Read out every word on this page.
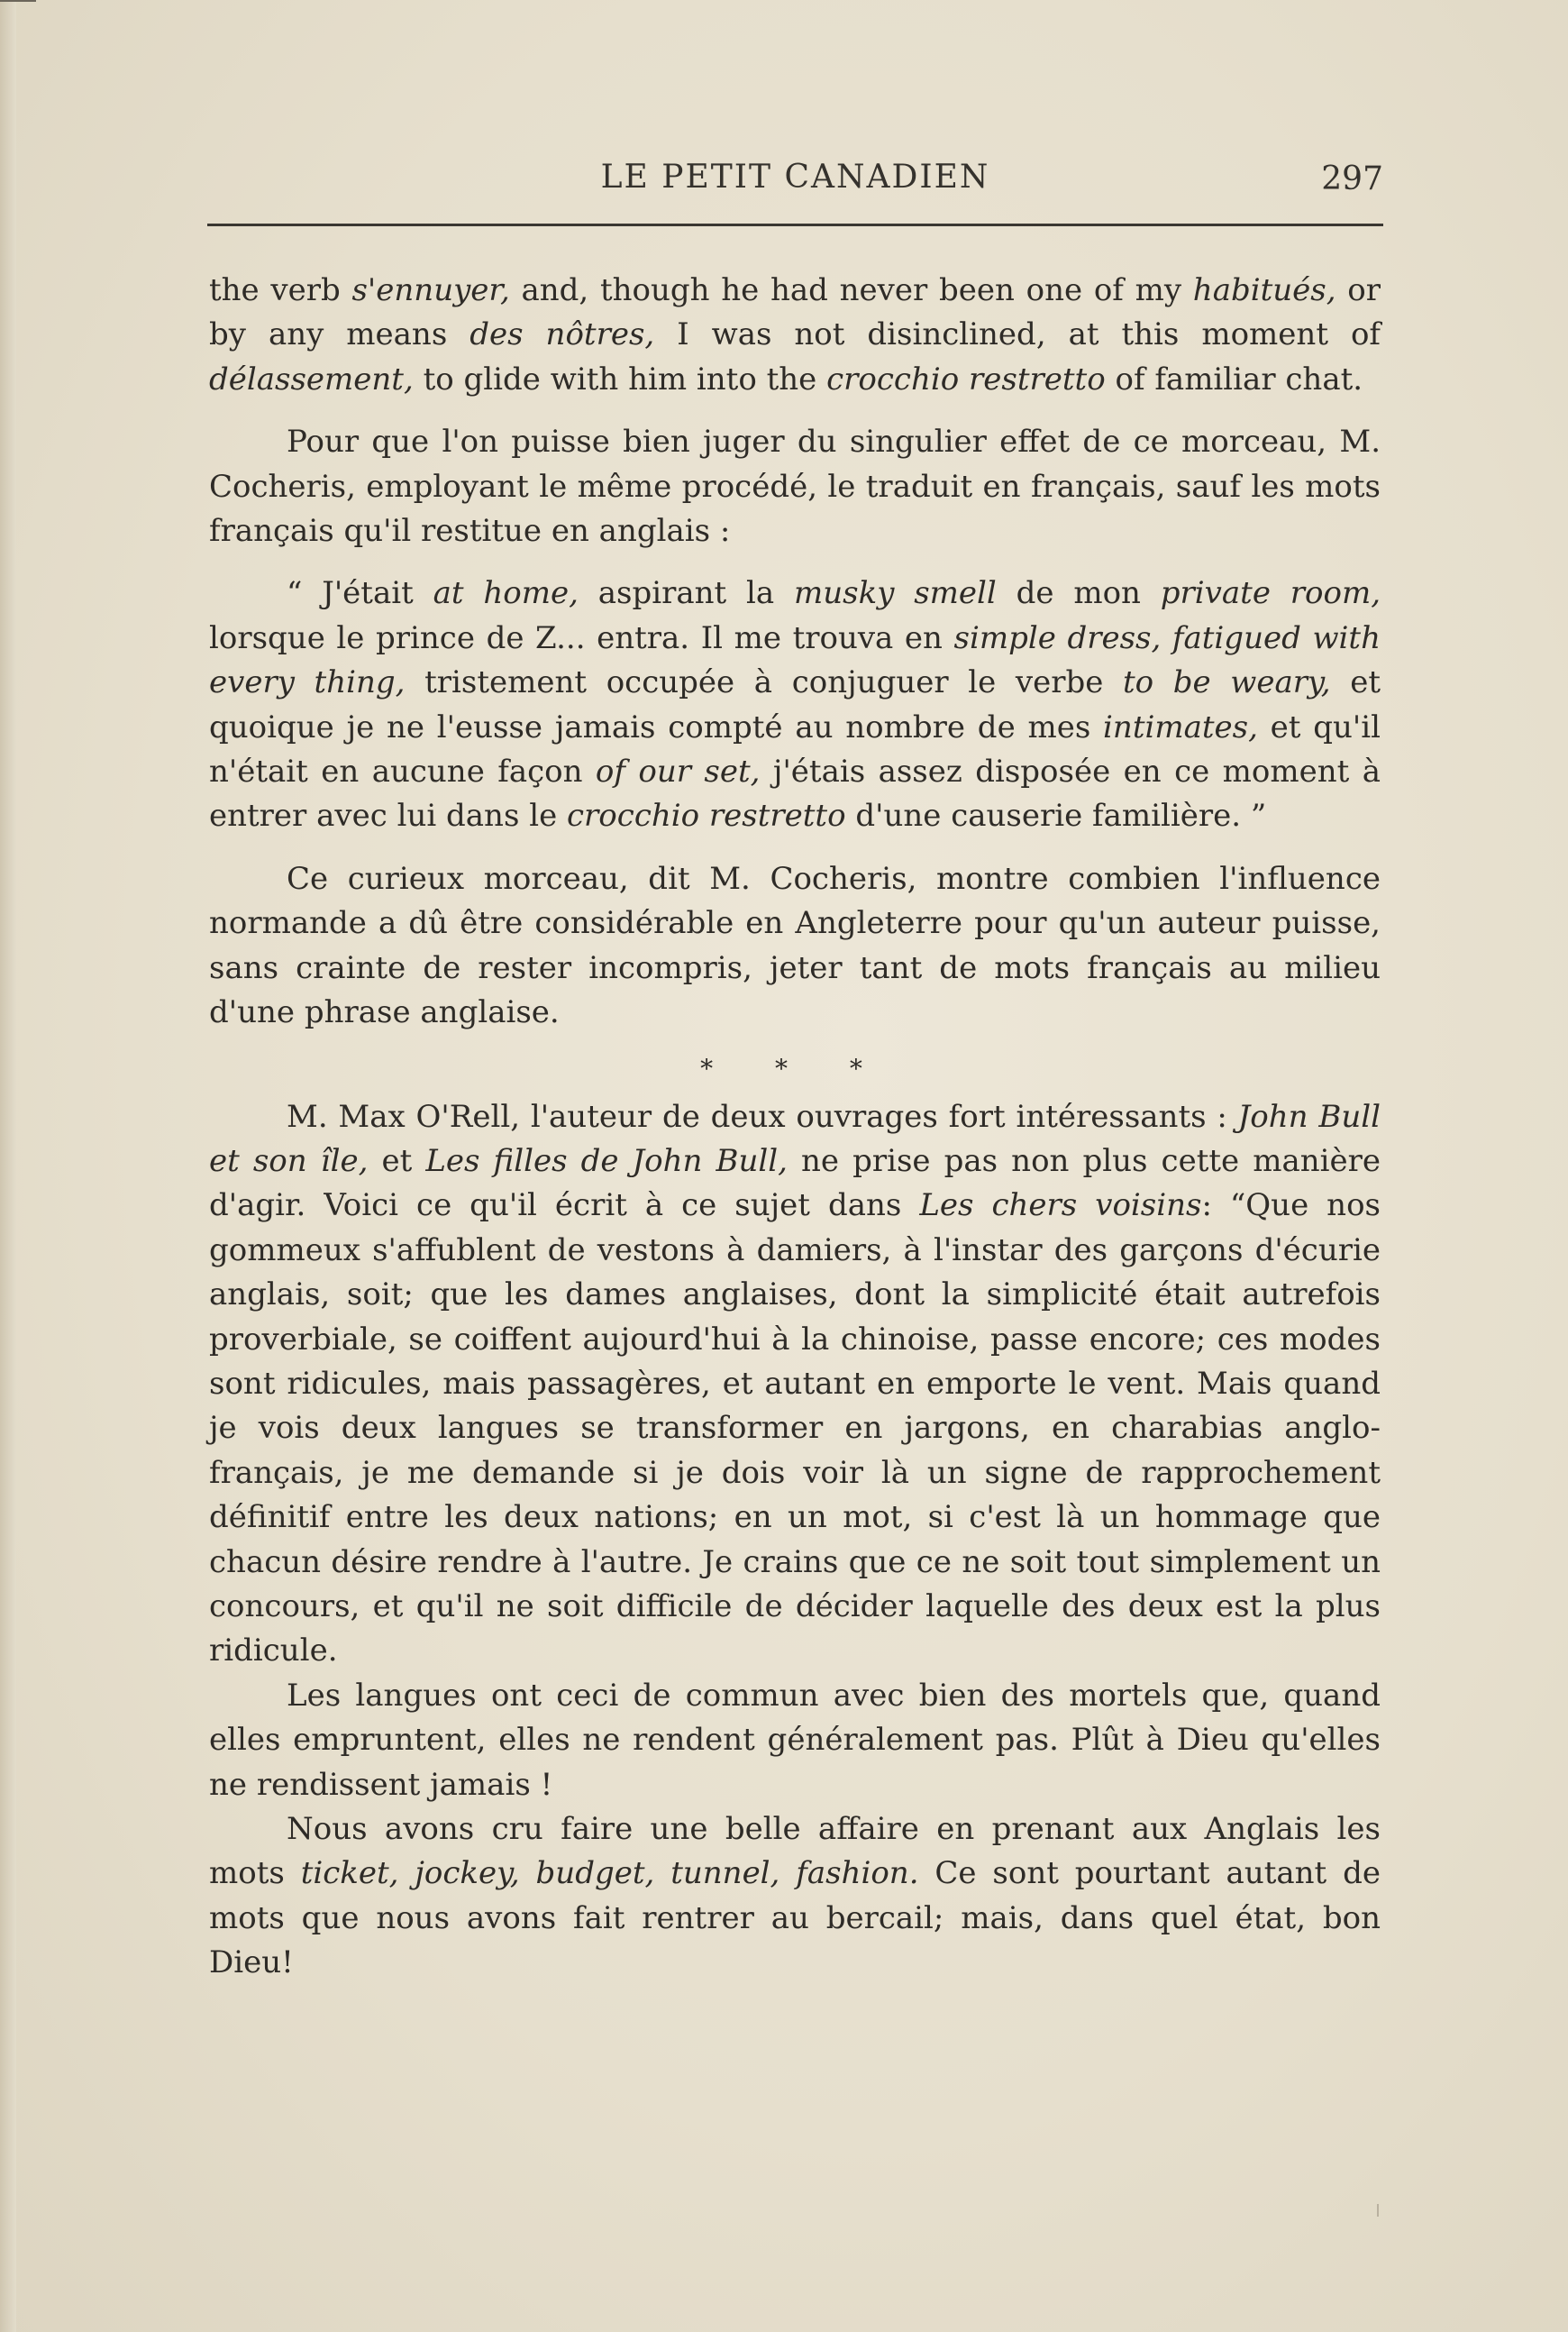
LE PETIT CANADIEN	297

the verb s'ennuyer, and, though he had never been one of my habitués, or by any means des nôtres, I was not disinclined, at this moment of délassement, to glide with him into the crocchio restretto of familiar chat.

Pour que l'on puisse bien juger du singulier effet de ce morceau, M. Cocheris, employant le même procédé, le traduit en français, sauf les mots français qu'il restitue en anglais :

“ J'était at home, aspirant la musky smell de mon private room, lorsque le prince de Z... entra. Il me trouva en simple dress, fatigued with every thing, tristement occupée à conjuguer le verbe to be weary, et quoique je ne l'eusse jamais compté au nombre de mes intimates, et qu'il n'était en aucune façon of our set, j'étais assez disposée en ce moment à entrer avec lui dans le crocchio restretto d'une causerie familière. ”

Ce curieux morceau, dit M. Cocheris, montre combien l'influence normande a dû être considérable en Angleterre pour qu'un auteur puisse, sans crainte de rester incompris, jeter tant de mots français au milieu d'une phrase anglaise.

* * *

M. Max O'Rell, l'auteur de deux ouvrages fort intéressants : John Bull et son île, et Les filles de John Bull, ne prise pas non plus cette manière d'agir. Voici ce qu'il écrit à ce sujet dans Les chers voisins: “Que nos gommeux s'affublent de vestons à damiers, à l'instar des garçons d'écurie anglais, soit; que les dames anglaises, dont la simplicité était autrefois proverbiale, se coiffent aujourd'hui à la chinoise, passe encore; ces modes sont ridicules, mais passagères, et autant en emporte le vent. Mais quand je vois deux langues se transformer en jargons, en charabias anglo-français, je me demande si je dois voir là un signe de rapprochement définitif entre les deux nations; en un mot, si c'est là un hommage que chacun désire rendre à l'autre. Je crains que ce ne soit tout simplement un concours, et qu'il ne soit difficile de décider laquelle des deux est la plus ridicule.

Les langues ont ceci de commun avec bien des mortels que, quand elles empruntent, elles ne rendent généralement pas. Plût à Dieu qu'elles ne rendissent jamais !

Nous avons cru faire une belle affaire en prenant aux Anglais les mots ticket, jockey, budget, tunnel, fashion. Ce sont pourtant autant de mots que nous avons fait rentrer au bercail; mais, dans quel état, bon Dieu!
